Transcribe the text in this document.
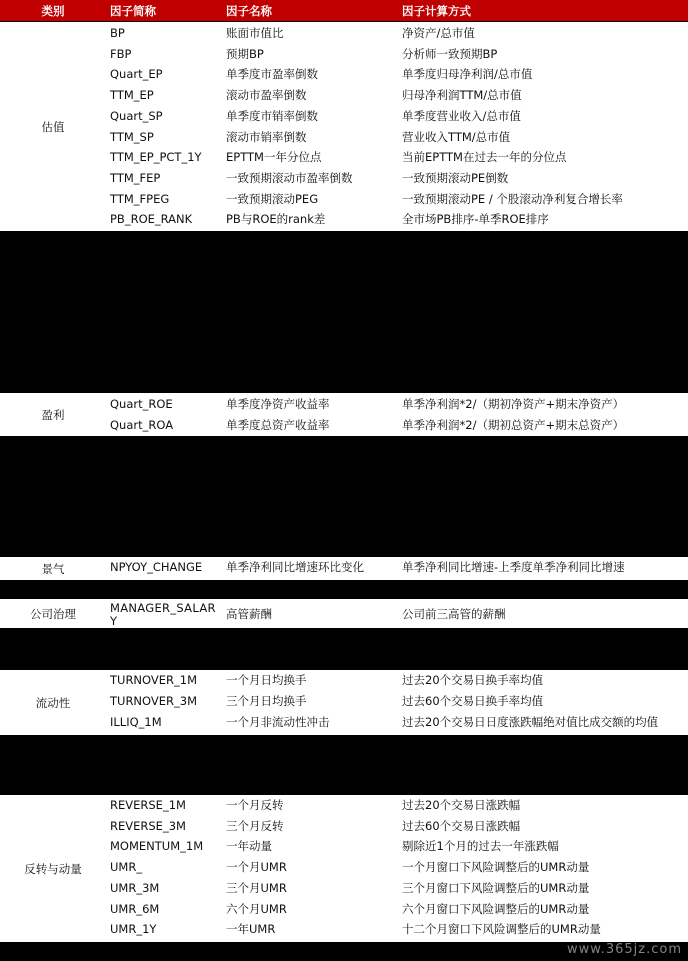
类别	因子简称	因子名称	因子计算方式
估值
BP	账面市值比	净资产/总市值
FBP	预期BP	分析师一致预期BP
Quart_EP	单季度市盈率倒数	单季度归母净利润/总市值
TTM_EP	滚动市盈率倒数	归母净利润TTM/总市值
Quart_SP	单季度市销率倒数	单季度营业收入/总市值
TTM_SP	滚动市销率倒数	营业收入TTM/总市值
TTM_EP_PCT_1Y	EPTTM一年分位点	当前EPTTM在过去一年的分位点
TTM_FEP	一致预期滚动市盈率倒数	一致预期滚动PE倒数
TTM_FPEG	一致预期滚动PEG	一致预期滚动PE / 个股滚动净利复合增长率
PB_ROE_RANK	PB与ROE的rank差	全市场PB排序-单季ROE排序
盈利
Quart_ROE	单季度净资产收益率	单季净利润*2/（期初净资产+期末净资产）
Quart_ROA	单季度总资产收益率	单季净利润*2/（期初总资产+期末总资产）
景气	NPYOY_CHANGE	单季净利同比增速环比变化	单季净利同比增速-上季度单季净利同比增速
公司治理	MANAGER_SALARY	高管薪酬	公司前三高管的薪酬
流动性
TURNOVER_1M	一个月日均换手	过去20个交易日换手率均值
TURNOVER_3M	三个月日均换手	过去60个交易日换手率均值
ILLIQ_1M	一个月非流动性冲击	过去20个交易日日度涨跌幅绝对值比成交额的均值
反转与动量
REVERSE_1M	一个月反转	过去20个交易日涨跌幅
REVERSE_3M	三个月反转	过去60个交易日涨跌幅
MOMENTUM_1M	一年动量	剔除近1个月的过去一年涨跌幅
UMR_	一个月UMR	一个月窗口下风险调整后的UMR动量
UMR_3M	三个月UMR	三个月窗口下风险调整后的UMR动量
UMR_6M	六个月UMR	六个月窗口下风险调整后的UMR动量
UMR_1Y	一年UMR	十二个月窗口下风险调整后的UMR动量
www.365jz.com
